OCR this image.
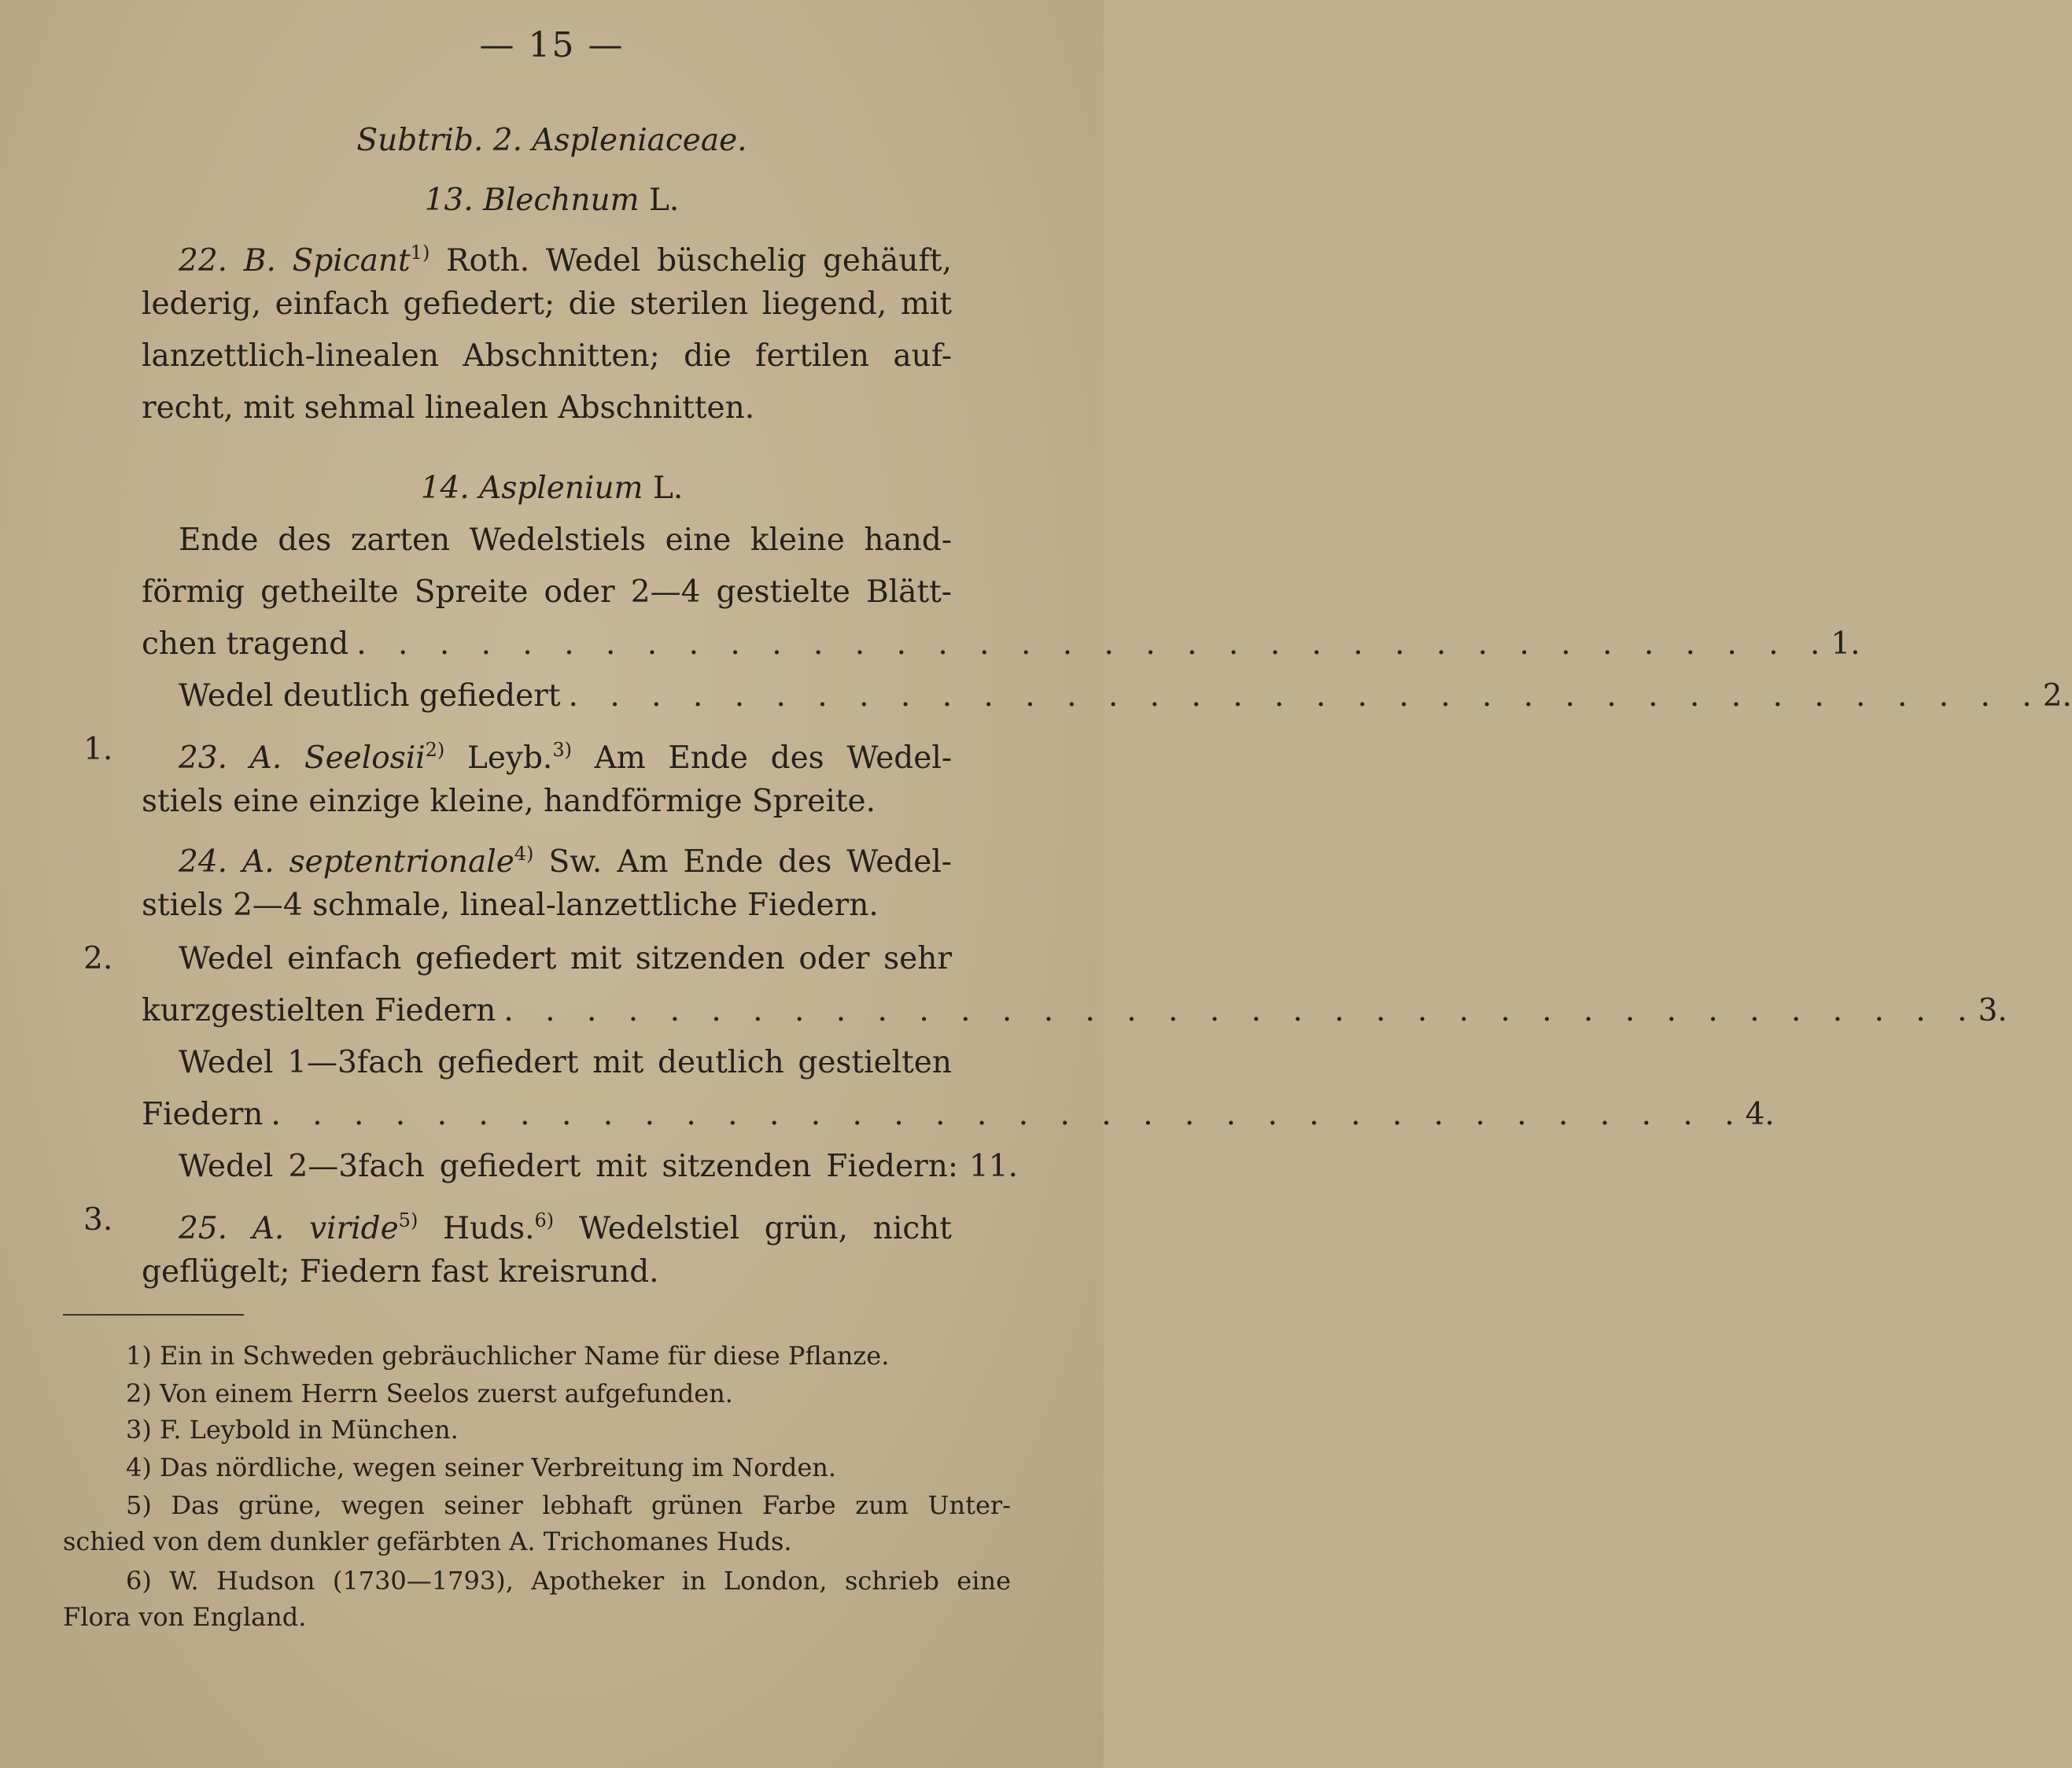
— 15 —
Subtrib. 2. Aspleniaceae.
13. Blechnum L.
22. B. Spicant$^{1)}$ Roth. Wedel büschelig gehäuft,
lederig, einfach gefiedert; die sterilen liegend, mit
lanzettlich-linealen Abschnitten; die fertilen auf-
recht, mit sehmal linealen Abschnitten.
14. Asplenium L.
Ende des zarten Wedelstiels eine kleine hand-
förmig getheilte Spreite oder 2—4 gestielte Blätt-
chen tragend . . . . . . . . . . . . . . . . . . . . . . . . . . . . . . . . . . . . 1.
Wedel deutlich gefiedert . . . . . . . . . . . . . . . . . . . . . . . . . . . . . . . . . . . . 2.
1. 23. A. Seelosii$^{2)}$ Leyb.$^{3)}$ Am Ende des Wedel-
stiels eine einzige kleine, handförmige Spreite.
24. A. septentrionale$^{4)}$ Sw. Am Ende des Wedel-
stiels 2—4 schmale, lineal-lanzettliche Fiedern.
2. Wedel einfach gefiedert mit sitzenden oder sehr
kurzgestielten Fiedern . . . . . . . . . . . . . . . . . . . . . . . . . . . . . . . . . . . . 3.
Wedel 1—3fach gefiedert mit deutlich gestielten
Fiedern . . . . . . . . . . . . . . . . . . . . . . . . . . . . . . . . . . . . 4.
Wedel 2—3fach gefiedert mit sitzenden Fiedern: 11.
3. 25. A. viride$^{5)}$ Huds.$^{6)}$ Wedelstiel grün, nicht
geflügelt; Fiedern fast kreisrund.
1) Ein in Schweden gebräuchlicher Name für diese Pflanze.
2) Von einem Herrn Seelos zuerst aufgefunden.
3) F. Leybold in München.
4) Das nördliche, wegen seiner Verbreitung im Norden.
5) Das grüne, wegen seiner lebhaft grünen Farbe zum Unter-
schied von dem dunkler gefärbten A. Trichomanes Huds.
6) W. Hudson (1730—1793), Apotheker in London, schrieb eine
Flora von England.
